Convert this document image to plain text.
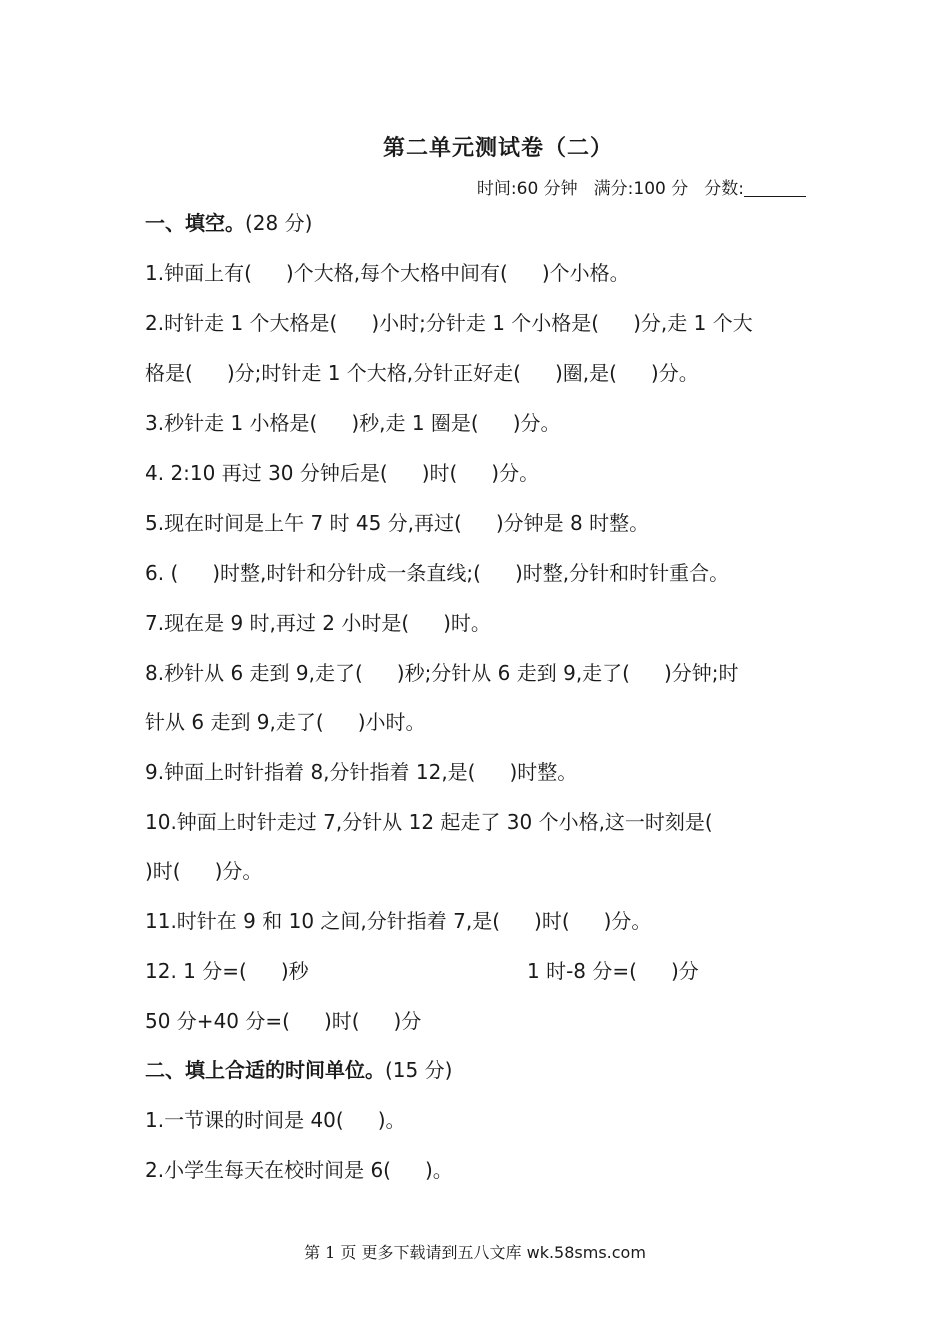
第二单元测试卷（二）
时间:60 分钟 满分:100 分 分数:
一、填空。(28 分)
1.钟面上有( )个大格,每个大格中间有( )个小格。
2.时针走 1 个大格是( )小时;分针走 1 个小格是( )分,走 1 个大
格是( )分;时针走 1 个大格,分针正好走( )圈,是( )分。
3.秒针走 1 小格是( )秒,走 1 圈是( )分。
4. 2:10 再过 30 分钟后是( )时( )分。
5.现在时间是上午 7 时 45 分,再过( )分钟是 8 时整。
6. ( )时整,时针和分针成一条直线;( )时整,分针和时针重合。
7.现在是 9 时,再过 2 小时是( )时。
8.秒针从 6 走到 9,走了( )秒;分针从 6 走到 9,走了( )分钟;时
针从 6 走到 9,走了( )小时。
9.钟面上时针指着 8,分针指着 12,是( )时整。
10.钟面上时针走过 7,分针从 12 起走了 30 个小格,这一时刻是(
)时( )分。
11.时针在 9 和 10 之间,分针指着 7,是( )时( )分。
12. 1 分=( )秒	1 时-8 分=( )分
50 分+40 分=( )时( )分
二、填上合适的时间单位。(15 分)
1.一节课的时间是 40( )。
2.小学生每天在校时间是 6( )。
第 1 页 更多下载请到五八文库 wk.58sms.com
